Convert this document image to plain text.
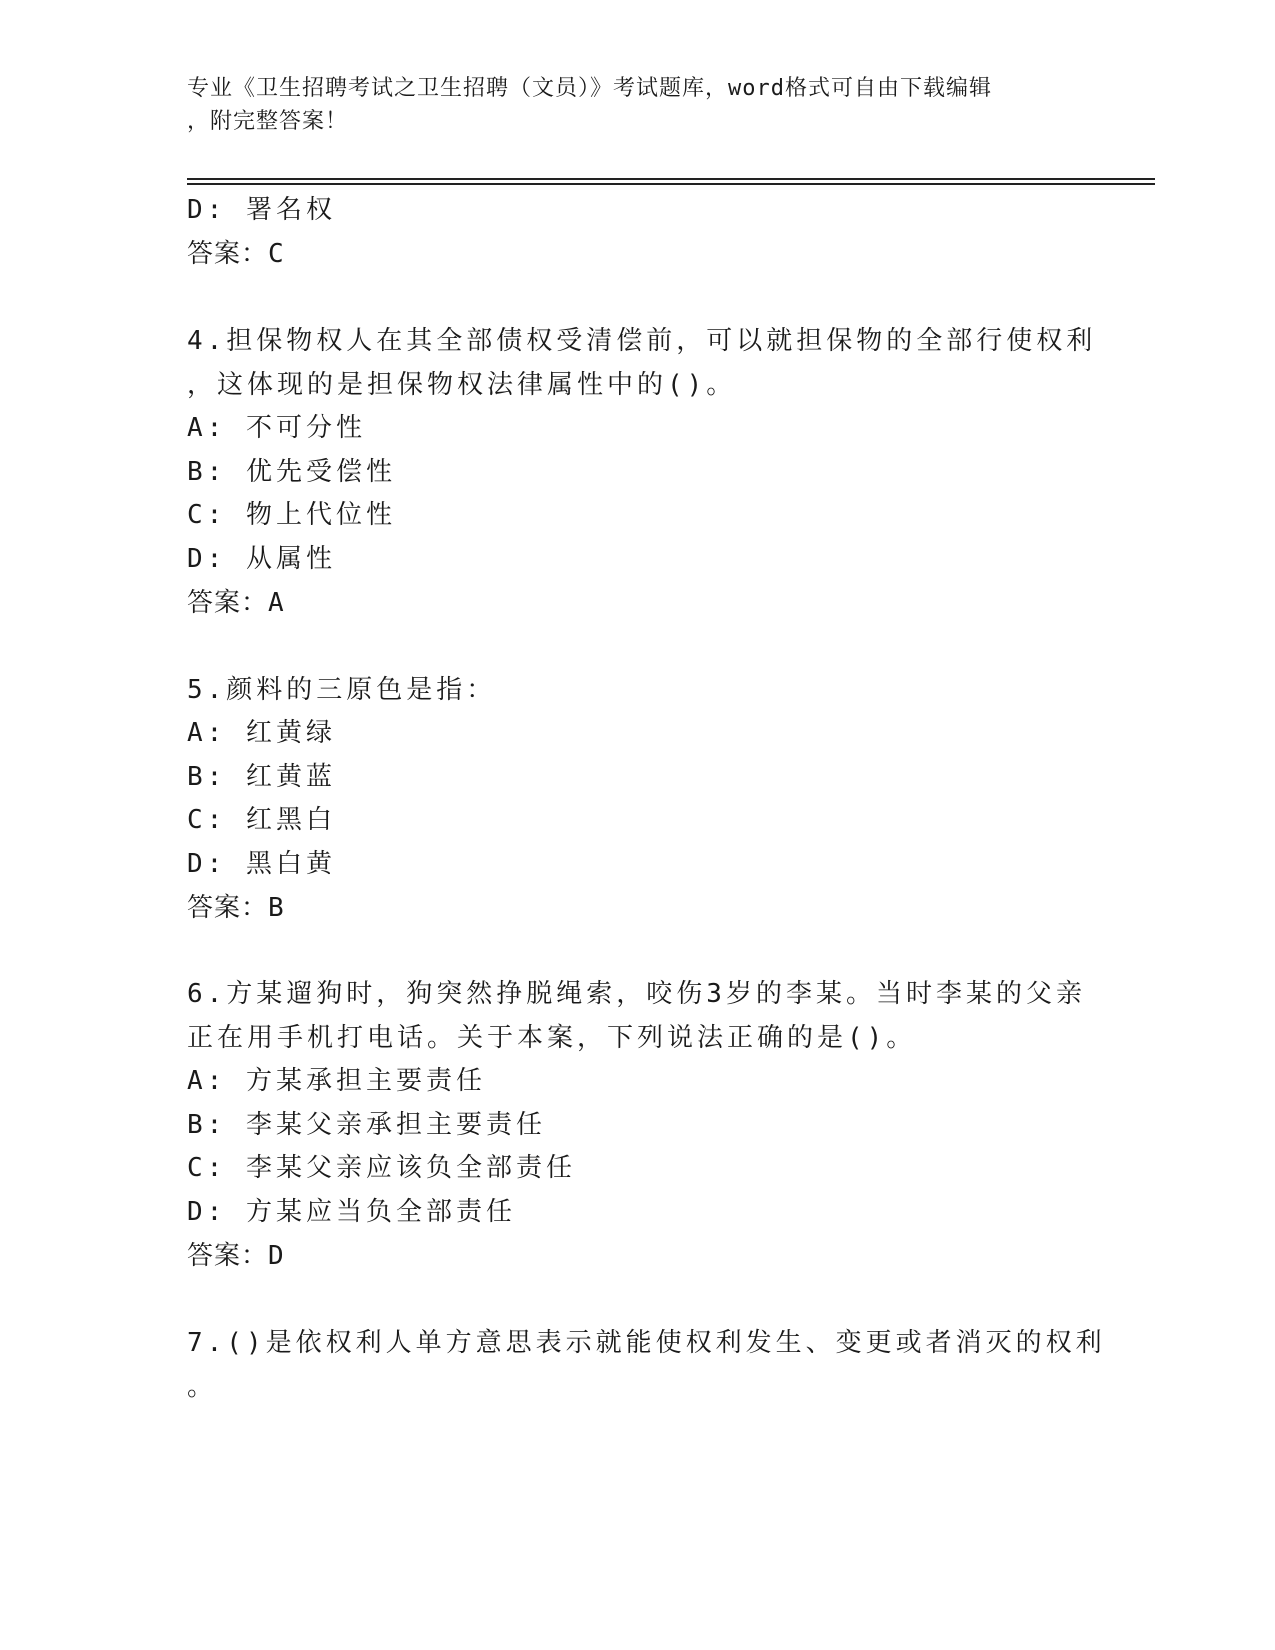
专业《卫生招聘考试之卫生招聘（文员）》考试题库，word格式可自由下载编辑
，附完整答案！
D: 署名权
答案：C
4.担保物权人在其全部债权受清偿前，可以就担保物的全部行使权利
，这体现的是担保物权法律属性中的()。
A: 不可分性
B: 优先受偿性
C: 物上代位性
D: 从属性
答案：A
5.颜料的三原色是指：
A: 红黄绿
B: 红黄蓝
C: 红黑白
D: 黑白黄
答案：B
6.方某遛狗时，狗突然挣脱绳索，咬伤3岁的李某。当时李某的父亲
正在用手机打电话。关于本案，下列说法正确的是()。
A: 方某承担主要责任
B: 李某父亲承担主要责任
C: 李某父亲应该负全部责任
D: 方某应当负全部责任
答案：D
7.()是依权利人单方意思表示就能使权利发生、变更或者消灭的权利
。
